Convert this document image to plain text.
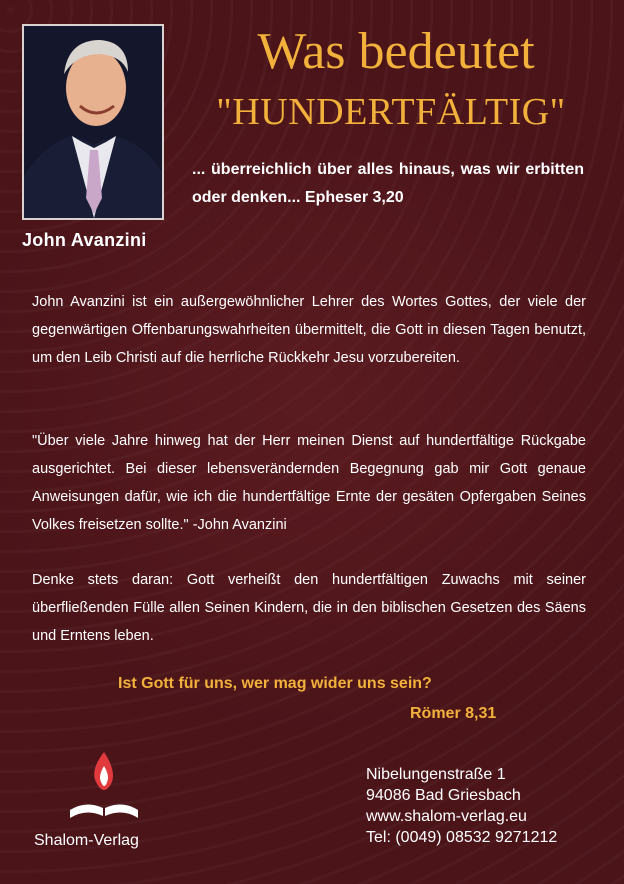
John Avanzini
Was bedeutet
"HUNDERTFÄLTIG"
... überreichlich über alles hinaus, was wir erbitten oder denken... Epheser 3,20
John Avanzini ist ein außergewöhnlicher Lehrer des Wortes Gottes, der viele der gegenwärtigen Offenbarungswahrheiten übermittelt, die Gott in diesen Tagen benutzt, um den Leib Christi auf die herrliche Rückkehr Jesu vorzubereiten.
"Über viele Jahre hinweg hat der Herr meinen Dienst auf hundertfältige Rückgabe ausgerichtet. Bei dieser lebensverändernden Begegnung gab mir Gott genaue Anweisungen dafür, wie ich die hundertfältige Ernte der gesäten Opfergaben Seines Volkes freisetzen sollte." -John Avanzini
Denke stets daran: Gott verheißt den hundertfältigen Zuwachs mit seiner überfließenden Fülle allen Seinen Kindern, die in den biblischen Gesetzen des Säens und Erntens leben.
Ist Gott für uns, wer mag wider uns sein?
Römer 8,31
Shalom-Verlag
Nibelungenstraße 1
94086 Bad Griesbach
www.shalom-verlag.eu
Tel: (0049) 08532 9271212
